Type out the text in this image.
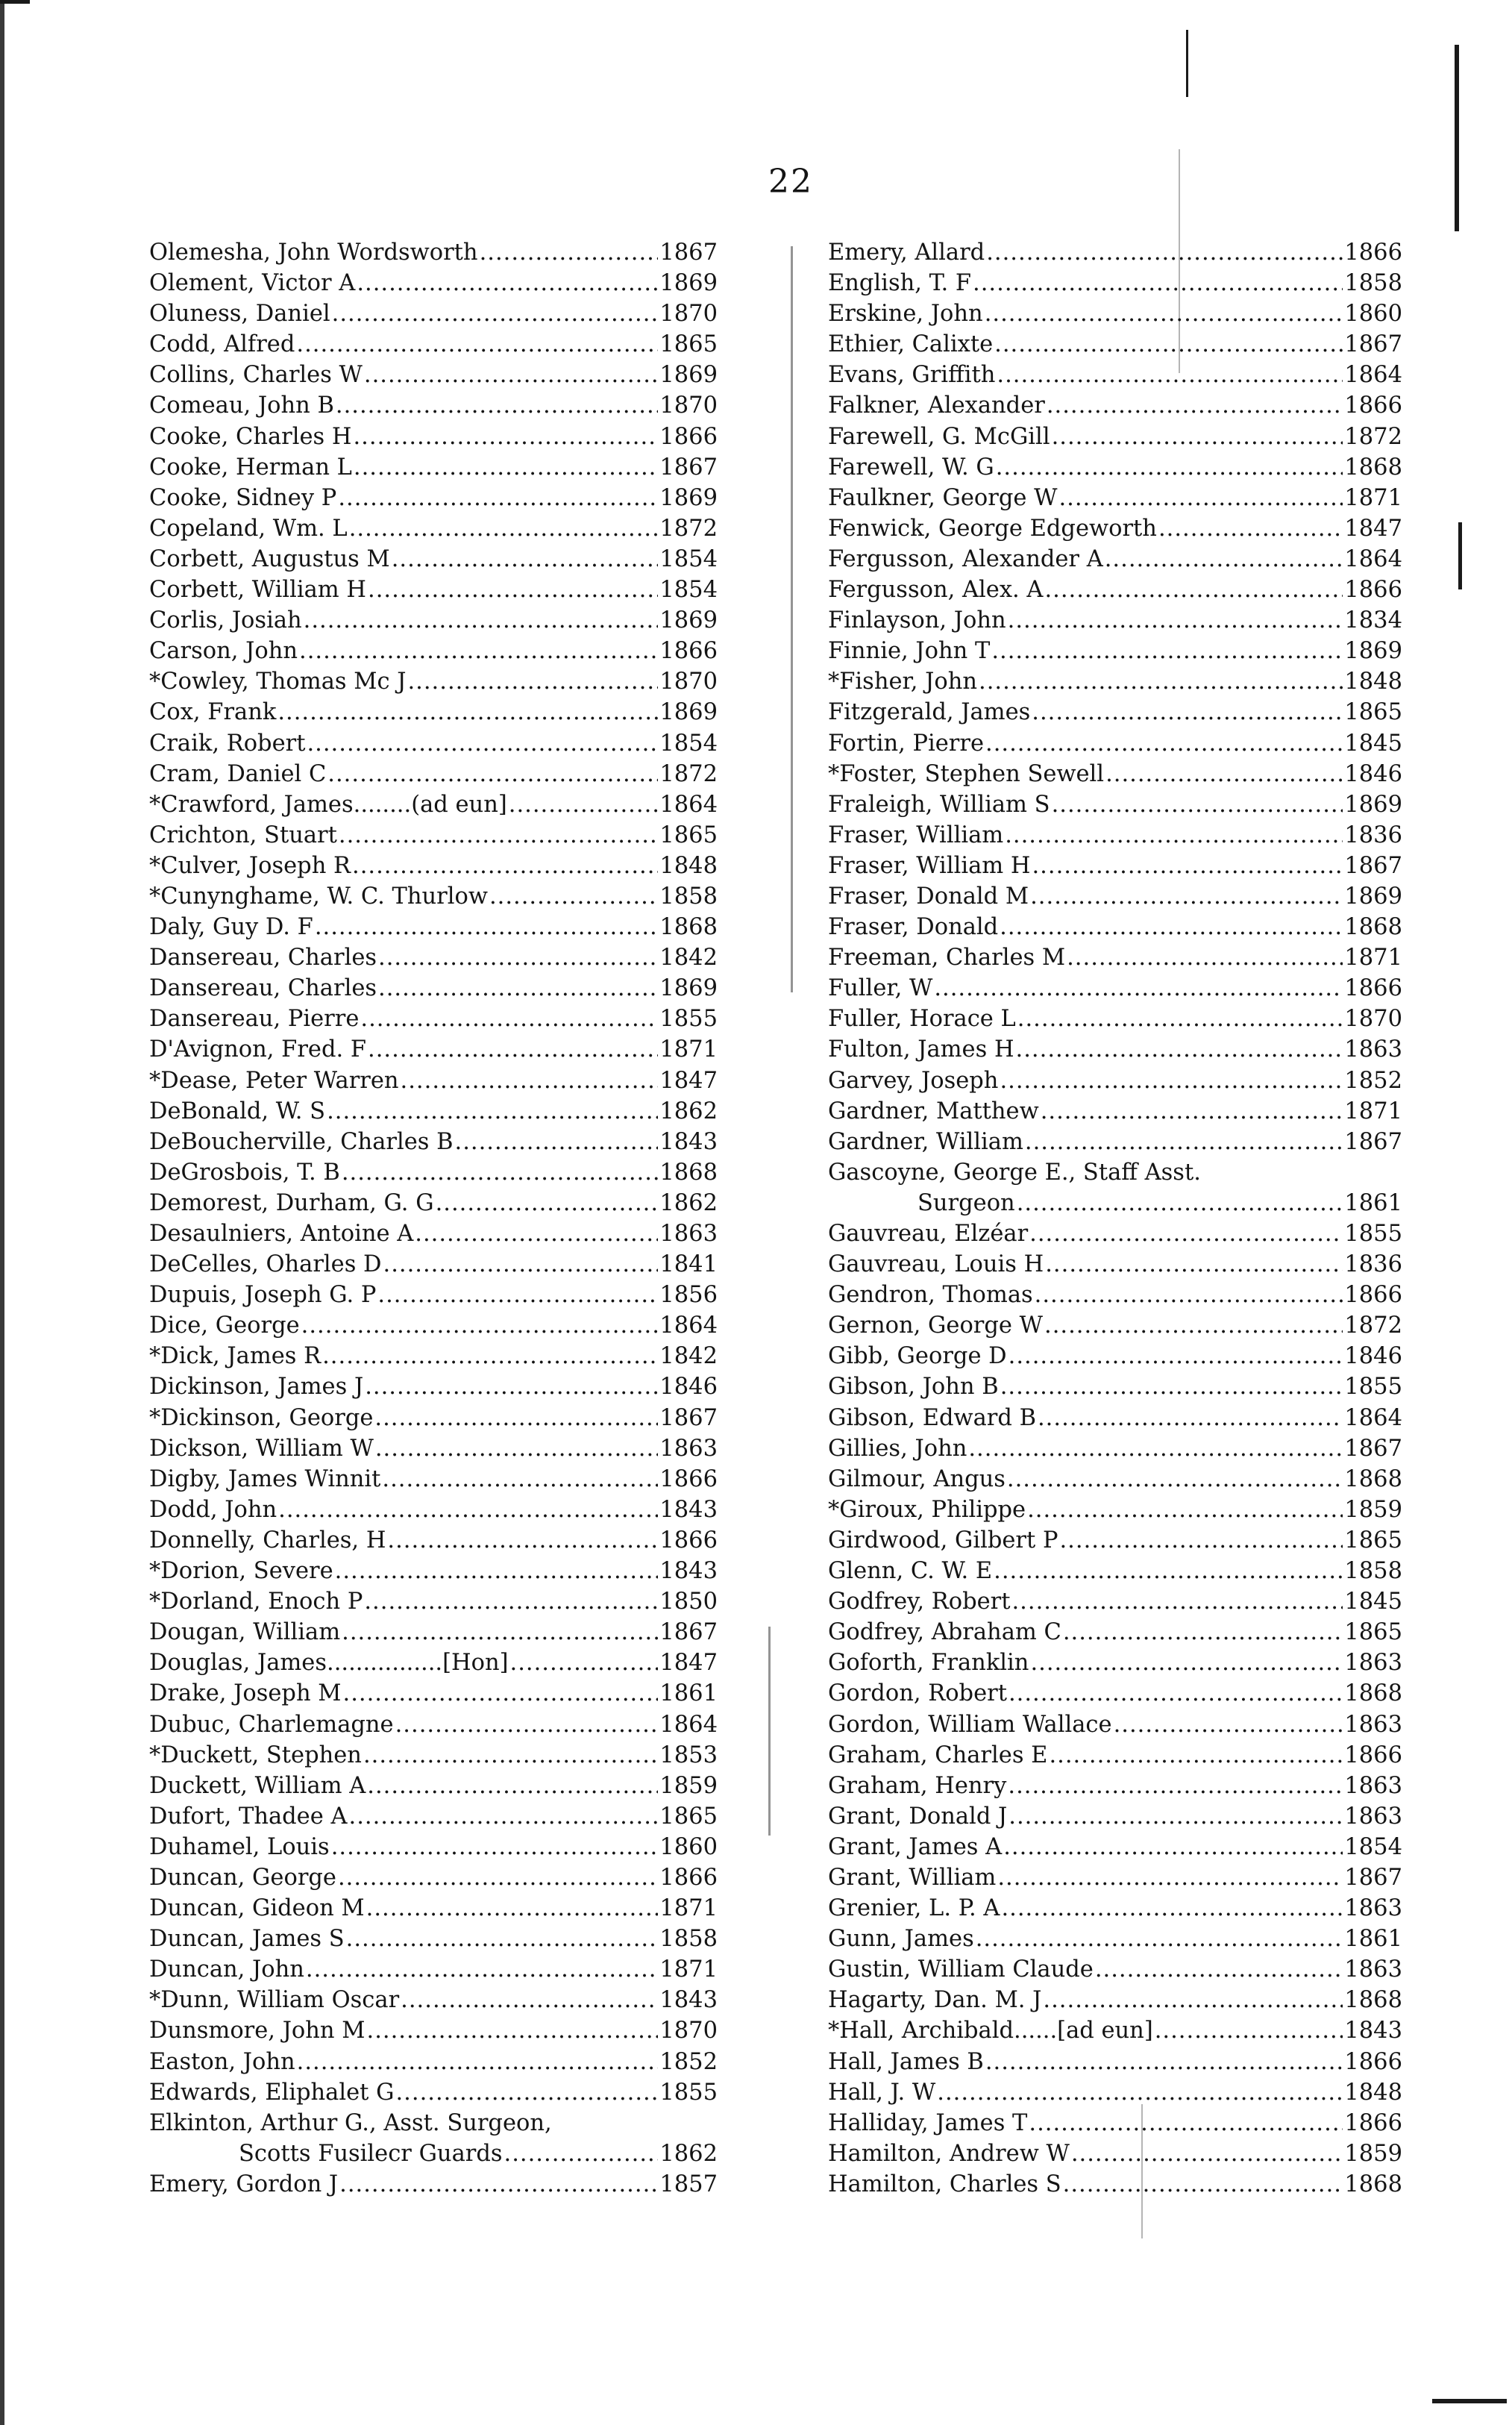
22
Olemesha, John Wordsworth .....	1867
Olement, Victor A .....	1869
Oluness, Daniel .....	1870
Codd, Alfred .....	1865
Collins, Charles W .....	1869
Comeau, John B .....	1870
Cooke, Charles H .....	1866
Cooke, Herman L .....	1867
Cooke, Sidney P .....	1869
Copeland, Wm. L .....	1872
Corbett, Augustus M .....	1854
Corbett, William H .....	1854
Corlis, Josiah .....	1869
Carson, John .....	1866
*Cowley, Thomas Mc J .....	1870
Cox, Frank .....	1869
Craik, Robert .....	1854
Cram, Daniel C .....	1872
*Crawford, James........(ad eun] .....	1864
Crichton, Stuart .....	1865
*Culver, Joseph R .....	1848
*Cunynghame, W. C. Thurlow .....	1858
Daly, Guy D. F .....	1868
Dansereau, Charles .....	1842
Dansereau, Charles .....	1869
Dansereau, Pierre .....	1855
D'Avignon, Fred. F .....	1871
*Dease, Peter Warren .....	1847
DeBonald, W. S .....	1862
DeBoucherville, Charles B .....	1843
DeGrosbois, T. B .....	1868
Demorest, Durham, G. G .....	1862
Desaulniers, Antoine A .....	1863
DeCelles, Oharles D .....	1841
Dupuis, Joseph G. P .....	1856
Dice, George .....	1864
*Dick, James R .....	1842
Dickinson, James J .....	1846
*Dickinson, George .....	1867
Dickson, William W .....	1863
Digby, James Winnit .....	1866
Dodd, John .....	1843
Donnelly, Charles, H .....	1866
*Dorion, Severe .....	1843
*Dorland, Enoch P .....	1850
Dougan, William .....	1867
Douglas, James................[Hon] .....	1847
Drake, Joseph M .....	1861
Dubuc, Charlemagne .....	1864
*Duckett, Stephen .....	1853
Duckett, William A .....	1859
Dufort, Thadee A .....	1865
Duhamel, Louis .....	1860
Duncan, George .....	1866
Duncan, Gideon M .....	1871
Duncan, James S .....	1858
Duncan, John .....	1871
*Dunn, William Oscar .....	1843
Dunsmore, John M .....	1870
Easton, John .....	1852
Edwards, Eliphalet G .....	1855
Elkinton, Arthur G., Asst. Surgeon,
Scotts Fusilecr Guards .....	1862
Emery, Gordon J .....	1857
Emery, Allard .....	1866
English, T. F .....	1858
Erskine, John .....	1860
Ethier, Calixte .....	1867
Evans, Griffith .....	1864
Falkner, Alexander .....	1866
Farewell, G. McGill .....	1872
Farewell, W. G .....	1868
Faulkner, George W .....	1871
Fenwick, George Edgeworth .....	1847
Fergusson, Alexander A .....	1864
Fergusson, Alex. A .....	1866
Finlayson, John .....	1834
Finnie, John T .....	1869
*Fisher, John .....	1848
Fitzgerald, James .....	1865
Fortin, Pierre .....	1845
*Foster, Stephen Sewell .....	1846
Fraleigh, William S .....	1869
Fraser, William .....	1836
Fraser, William H .....	1867
Fraser, Donald M .....	1869
Fraser, Donald .....	1868
Freeman, Charles M .....	1871
Fuller, W .....	1866
Fuller, Horace L .....	1870
Fulton, James H .....	1863
Garvey, Joseph .....	1852
Gardner, Matthew .....	1871
Gardner, William .....	1867
Gascoyne, George E., Staff Asst.
Surgeon .....	1861
Gauvreau, Elzéar .....	1855
Gauvreau, Louis H .....	1836
Gendron, Thomas .....	1866
Gernon, George W .....	1872
Gibb, George D .....	1846
Gibson, John B .....	1855
Gibson, Edward B .....	1864
Gillies, John .....	1867
Gilmour, Angus .....	1868
*Giroux, Philippe .....	1859
Girdwood, Gilbert P .....	1865
Glenn, C. W. E .....	1858
Godfrey, Robert .....	1845
Godfrey, Abraham C .....	1865
Goforth, Franklin .....	1863
Gordon, Robert .....	1868
Gordon, William Wallace .....	1863
Graham, Charles E .....	1866
Graham, Henry .....	1863
Grant, Donald J .....	1863
Grant, James A .....	1854
Grant, William .....	1867
Grenier, L. P. A .....	1863
Gunn, James .....	1861
Gustin, William Claude .....	1863
Hagarty, Dan. M. J .....	1868
*Hall, Archibald......[ad eun] .....	1843
Hall, James B .....	1866
Hall, J. W .....	1848
Halliday, James T .....	1866
Hamilton, Andrew W .....	1859
Hamilton, Charles S .....	1868
